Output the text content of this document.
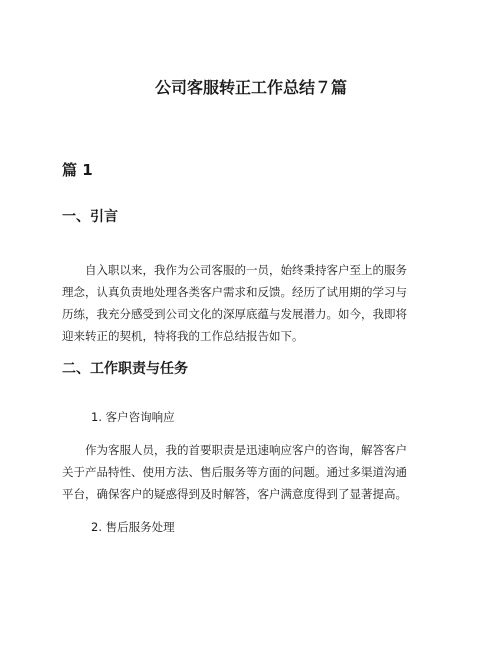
公司客服转正工作总结７篇
篇 1
一、引言

自入职以来，我作为公司客服的一员，始终秉持客户至上的服务
理念，认真负责地处理各类客户需求和反馈。经历了试用期的学习与
历练，我充分感受到公司文化的深厚底蕴与发展潜力。如今，我即将
迎来转正的契机，特将我的工作总结报告如下。

二、工作职责与任务

1. 客户咨询响应

作为客服人员，我的首要职责是迅速响应客户的咨询，解答客户
关于产品特性、使用方法、售后服务等方面的问题。通过多渠道沟通
平台，确保客户的疑惑得到及时解答，客户满意度得到了显著提高。

2. 售后服务处理
